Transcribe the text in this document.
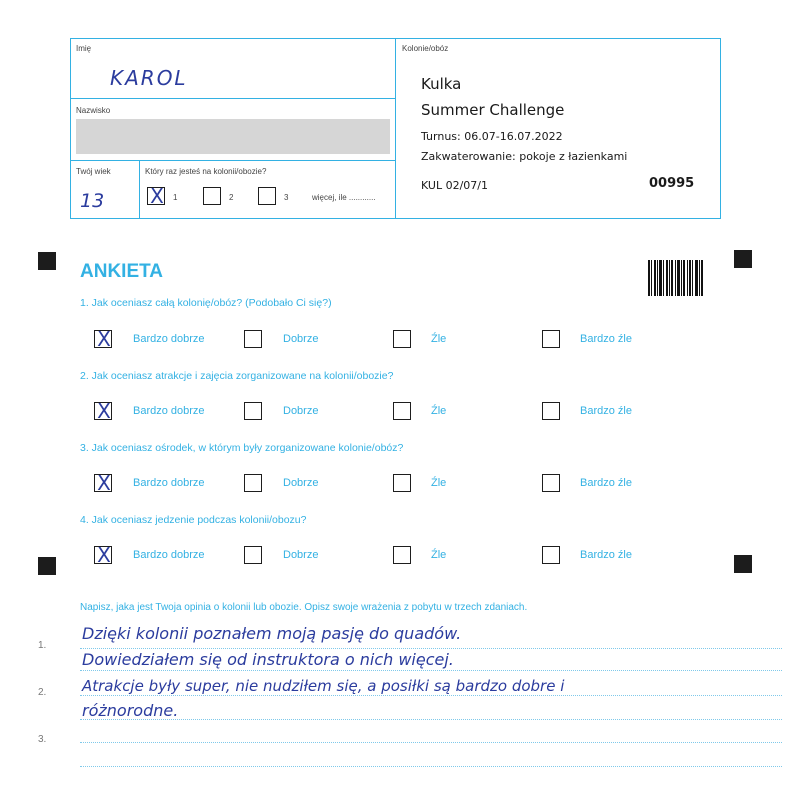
Imię
KAROL
Nazwisko
Twój wiek
13
Który raz jesteś na kolonii/obozie?
X 1	2	3	więcej, ile ............
Kolonie/obóz
Kulka
Summer Challenge
Turnus: 06.07-16.07.2022
Zakwaterowanie: pokoje z łazienkami
KUL 02/07/1	00995
ANKIETA
1. Jak oceniasz całą kolonię/obóz? (Podobało Ci się?)
X Bardzo dobrze	Dobrze	Źle	Bardzo źle
2. Jak oceniasz atrakcje i zajęcia zorganizowane na kolonii/obozie?
X Bardzo dobrze	Dobrze	Źle	Bardzo źle
3. Jak oceniasz ośrodek, w którym były zorganizowane kolonie/obóz?
X Bardzo dobrze	Dobrze	Źle	Bardzo źle
4. Jak oceniasz jedzenie podczas kolonii/obozu?
X Bardzo dobrze	Dobrze	Źle	Bardzo źle
Napisz, jaka jest Twoja opinia o kolonii lub obozie. Opisz swoje wrażenia z pobytu w trzech zdaniach.
1.
2.
3.
Dzięki kolonii poznałem moją pasję do quadów.
Dowiedziałem się od instruktora o nich więcej.
Atrakcje były super, nie nudziłem się, a posiłki są bardzo dobre i
różnorodne.
